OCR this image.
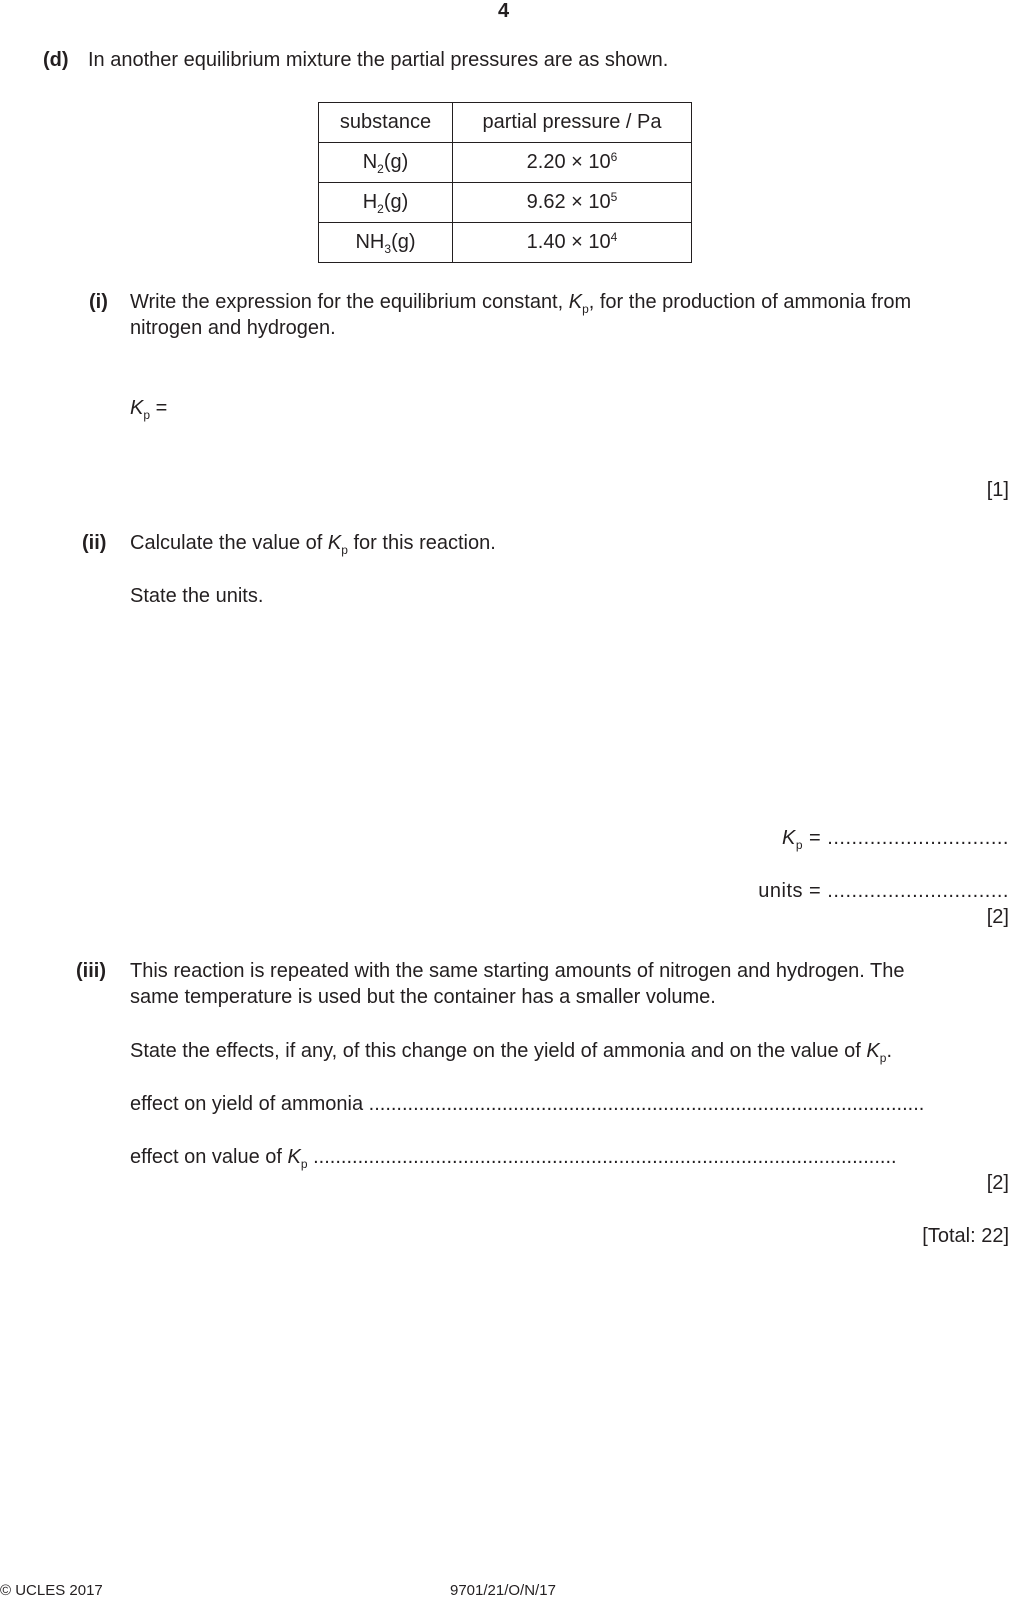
4
(d) In another equilibrium mixture the partial pressures are as shown.
substance	partial pressure / Pa
$N_2(g)$	$2.20 \times 10^6$
$H_2(g)$	$9.62 \times 10^5$
$NH_3(g)$	$1.40 \times 10^4$
(i) Write the expression for the equilibrium constant, $K_p$, for the production of ammonia from
nitrogen and hydrogen.
$K_p$ =
[1]
(ii) Calculate the value of $K_p$ for this reaction.
State the units.
$K_p$ = ..............................
units = ..............................
[2]
(iii) This reaction is repeated with the same starting amounts of nitrogen and hydrogen. The
same temperature is used but the container has a smaller volume.
State the effects, if any, of this change on the yield of ammonia and on the value of $K_p$.
effect on yield of ammonia ....................................................................................................
effect on value of $K_p$ .........................................................................................................
[2]
[Total: 22]
© UCLES 2017	9701/21/O/N/17
